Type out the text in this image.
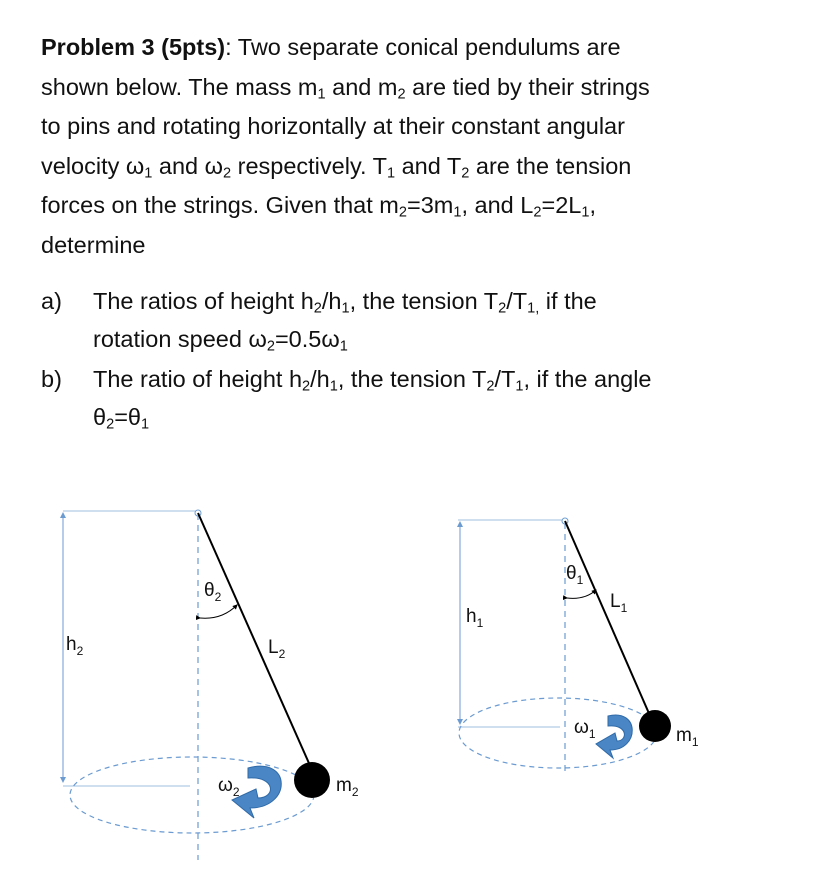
Problem 3 (5pts): Two separate conical pendulums are
shown below. The mass $m_1$ and $m_2$ are tied by their strings
to pins and rotating horizontally at their constant angular
velocity $\omega_1$ and $\omega_2$ respectively. $T_1$ and $T_2$ are the tension
forces on the strings. Given that $m_2=3m_1$, and $L_2=2L_1$,
determine
a) The ratios of height $h_2/h_1$, the tension $T_2/T_{1,}$ if the
rotation speed $\omega_2=0.5\omega_1$
b) The ratio of height $h_2/h_1$, the tension $T_2/T_1$, if the angle
$\theta_2=\theta_1$
$h_2$
$\theta_2$
$L_2$
$\omega_2$	$m_2$
$h_1$
$\theta_1$
$L_1$
$\omega_1$	$m_1$
